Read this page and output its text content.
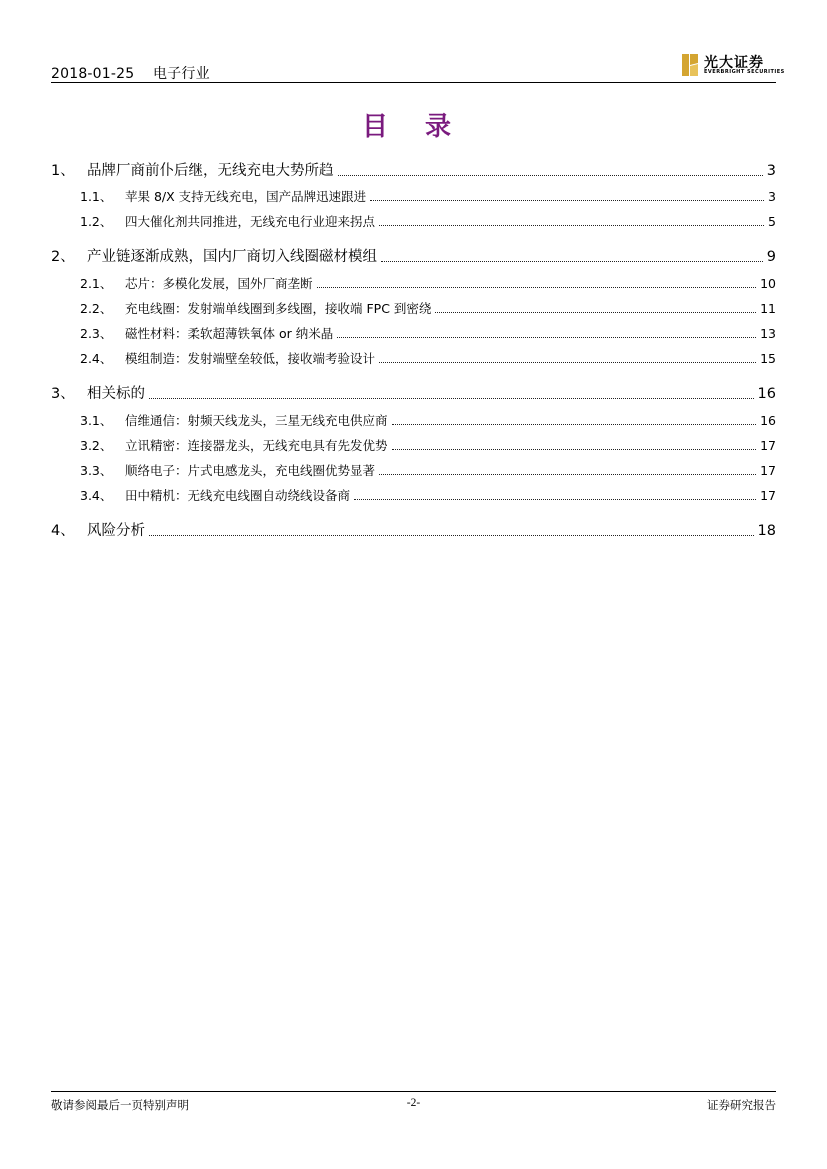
2018-01-25 电子行业
光大证券
EVERBRIGHT SECURITIES
目 录
1、 品牌厂商前仆后继，无线充电大势所趋	3
1.1、	苹果 8/X 支持无线充电，国产品牌迅速跟进	3
1.2、	四大催化剂共同推进，无线充电行业迎来拐点	5
2、 产业链逐渐成熟，国内厂商切入线圈磁材模组	9
2.1、	芯片：多模化发展，国外厂商垄断	10
2.2、	充电线圈：发射端单线圈到多线圈，接收端 FPC 到密绕	11
2.3、	磁性材料：柔软超薄铁氧体 or 纳米晶	13
2.4、	模组制造：发射端壁垒较低，接收端考验设计	15
3、 相关标的	16
3.1、	信维通信：射频天线龙头，三星无线充电供应商	16
3.2、	立讯精密：连接器龙头，无线充电具有先发优势	17
3.3、	顺络电子：片式电感龙头，充电线圈优势显著	17
3.4、	田中精机：无线充电线圈自动绕线设备商	17
4、 风险分析	18
敬请参阅最后一页特别声明	-2-	证券研究报告
